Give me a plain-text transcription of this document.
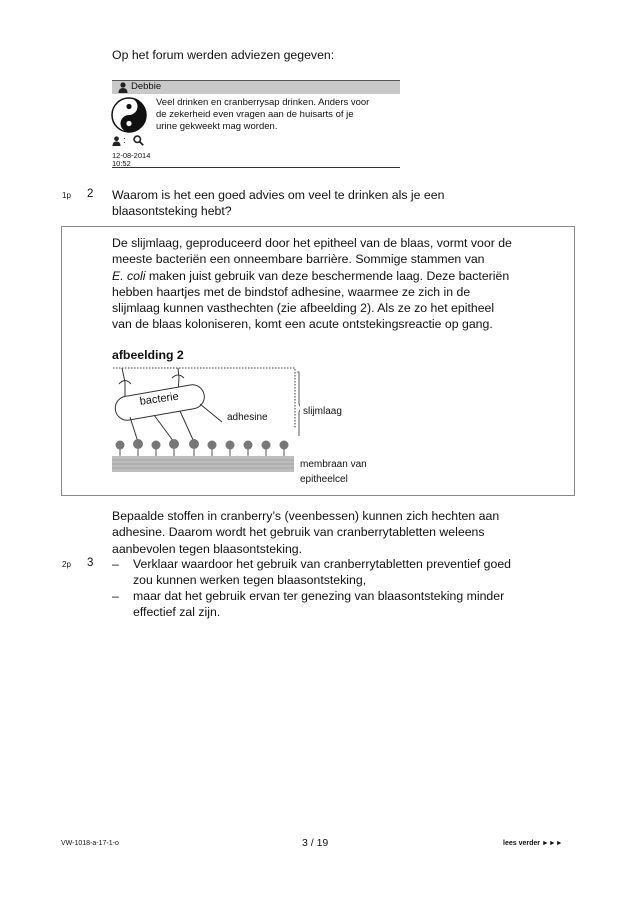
Op het forum werden adviezen gegeven:
Debbie
Veel drinken en cranberrysap drinken. Anders voor
de zekerheid even vragen aan de huisarts of je
urine gekweekt mag worden.
:
12-08-2014
10:52
1p 2 Waarom is het een goed advies om veel te drinken als je een
blaasontsteking hebt?
De slijmlaag, geproduceerd door het epitheel van de blaas, vormt voor de
meeste bacteriën een onneembare barrière. Sommige stammen van
E. coli maken juist gebruik van deze beschermende laag. Deze bacteriën
hebben haartjes met de bindstof adhesine, waarmee ze zich in de
slijmlaag kunnen vasthechten (zie afbeelding 2). Als ze zo het epitheel
van de blaas koloniseren, komt een acute ontstekingsreactie op gang.
afbeelding 2
bacterie
adhesine
slijmlaag
membraan van
epitheelcel
Bepaalde stoffen in cranberry’s (veenbessen) kunnen zich hechten aan
adhesine. Daarom wordt het gebruik van cranberrytabletten weleens
aanbevolen tegen blaasontsteking.
2p 3 – Verklaar waardoor het gebruik van cranberrytabletten preventief goed
zou kunnen werken tegen blaasontsteking,
– maar dat het gebruik ervan ter genezing van blaasontsteking minder
effectief zal zijn.
VW-1018-a-17-1-o	3 / 19	lees verder ►►►
